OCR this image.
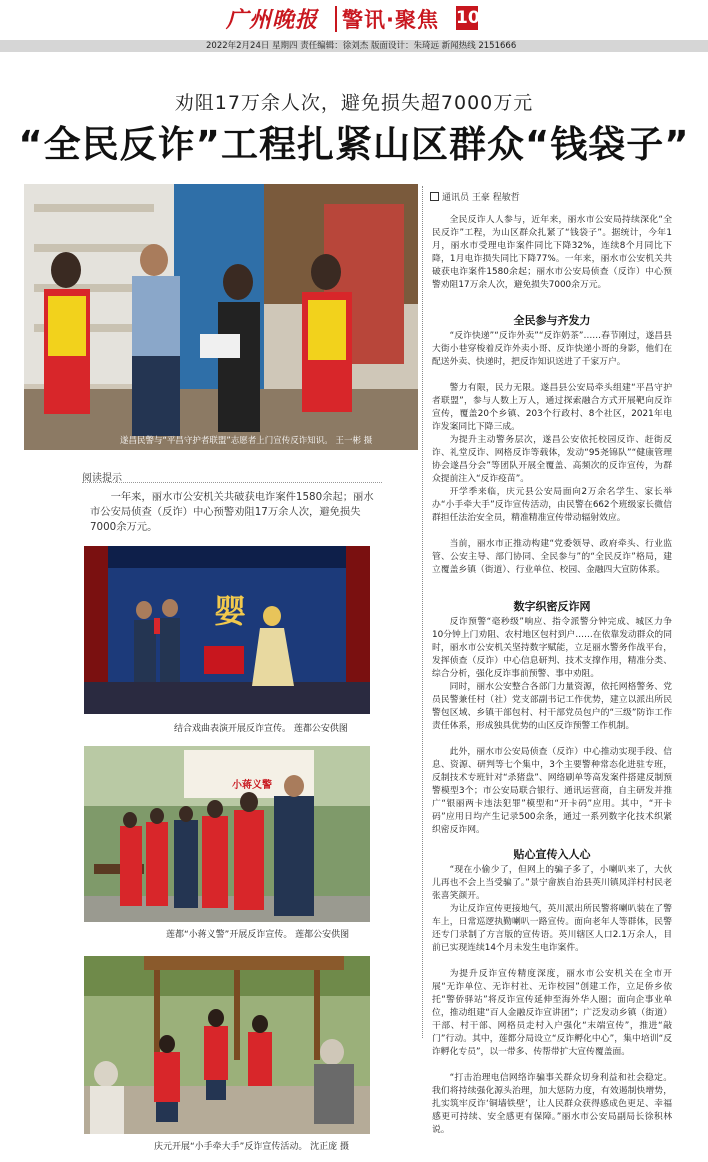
广州晚报 警讯·聚焦 10
2022年2月24日 星期四 责任编辑：徐刘杰 版面设计：朱琦远 新闻热线 2151666
劝阻17万余人次，避免损失超7000万元
“全民反诈”工程扎紧山区群众“钱袋子”
遂昌民警与“平昌守护者联盟”志愿者上门宣传反诈知识。 王一彬 摄
阅读提示
一年来，丽水市公安机关共破获电诈案件1580余起；丽水市公安局侦查（反诈）中心预警劝阻17万余人次，避免损失7000余万元。
婴
结合戏曲表演开展反诈宣传。 莲都公安供图
小蒋义警
莲都“小蒋义警”开展反诈宣传。 莲都公安供图
庆元开展“小手牵大手”反诈宣传活动。 沈正庞 摄
通讯员 王豪 程敏哲
全民反诈人人参与，近年来，丽水市公安局持续深化“全民反诈”工程，为山区群众扎紧了“钱袋子”。据统计，今年1月，丽水市受理电诈案件同比下降32%，连续8个月同比下降，1月电诈损失同比下降77%。一年来，丽水市公安机关共破获电诈案件1580余起；丽水市公安局侦查（反诈）中心预警劝阻17万余人次，避免损失7000余万元。
全民参与齐发力
“反诈快递”“反诈外卖”“反诈奶茶”……春节刚过，遂昌县大街小巷穿梭着反诈外卖小哥、反诈快递小哥的身影，他们在配送外卖、快递时，把反诈知识送进了千家万户。
警力有限，民力无限。遂昌县公安局牵头组建“平昌守护者联盟”，参与人数上万人，通过探索融合方式开展靶向反诈宣传，覆盖20个乡镇、203个行政村、8个社区，2021年电诈发案同比下降三成。
为提升主动警务层次，遂昌公安依托校园反诈、赶街反诈、礼堂反诈、网格反诈等载体，发动“95尧锦队”“健康管理协会遂昌分会”等团队开展全覆盖、高频次的反诈宣传，为群众提前注入“反诈疫苗”。
开学季来临，庆元县公安局面向2万余名学生、家长举办“小手牵大手”反诈宣传活动，由民警在662个班级家长微信群担任法治安全员，精准精准宣传带动辐射效应。
当前，丽水市正推动构建“党委领导、政府牵头、行业监管、公安主导、部门协同、全民参与”的“全民反诈”格局，建立覆盖乡镇（街道）、行业单位、校园、金融四大宣防体系。
数字织密反诈网
反诈预警“毫秒级”响应、指令派警分钟完成、城区力争10分钟上门劝阻、农村地区包村到户……在依靠发动群众的同时，丽水市公安机关坚持数字赋能，立足丽水警务作战平台，发挥侦查（反诈）中心信息研判、技术支撑作用，精准分类、综合分析，强化反诈事前预警、事中劝阻。
同时，丽水公安整合各部门力量资源，依托网格警务、党员民警兼任村（社）党支部副书记工作优势，建立以派出所民警包区域、乡镇干部包村、村干部党员包户的“三级”防诈工作责任体系，形成独具优势的山区反诈预警工作机制。
此外，丽水市公安局侦查（反诈）中心推动实现手段、信息、资源、研判等七个集中，3个主要警种常态化进驻专班，反制技术专班针对“杀猪盘”、网络刷单等高发案件搭建反制预警模型3个；市公安局联合银行、通讯运营商，自主研发并推广“银丽两卡违法犯罪”模型和“开卡码”应用。其中，“开卡码”应用日均产生记录500余条，通过一系列数字化技术织紧织密反诈网。
贴心宣传入人心
“现在小偷少了，但网上的骗子多了，小喇叭来了，大伙儿再也不会上当受骗了。”景宁畲族自治县英川镇凤洋村村民老张喜笑颜开。
为让反诈宣传更接地气，英川派出所民警将喇叭装在了警车上，日常巡逻执勤喇叭一路宣传。面向老年人等群体，民警还专门录制了方言版的宣传语。英川辖区人口2.1万余人，目前已实现连续14个月未发生电诈案件。
为提升反诈宣传精度深度，丽水市公安机关在全市开展“无诈单位、无诈村社、无诈校园”创建工作，立足侨乡依托“警侨驿站”将反诈宣传延伸至海外华人圈；面向企事业单位，推动组建“百人金融反诈宣讲团”；广泛发动乡镇（街道）干部、村干部、网格员走村入户强化“末端宣传”，推进“敲门”行动。其中，莲都分局设立“反诈孵化中心”，集中培训“反诈孵化专员”，以一带多、传帮带扩大宣传覆盖面。
“打击治理电信网络诈骗事关群众切身利益和社会稳定。我们将持续强化源头治理，加大惩防力度，有效遏制快增势，扎实筑牢反诈‘铜墙铁壁’，让人民群众获得感成色更足、幸福感更可持续、安全感更有保障。”丽水市公安局副局长徐积林说。
